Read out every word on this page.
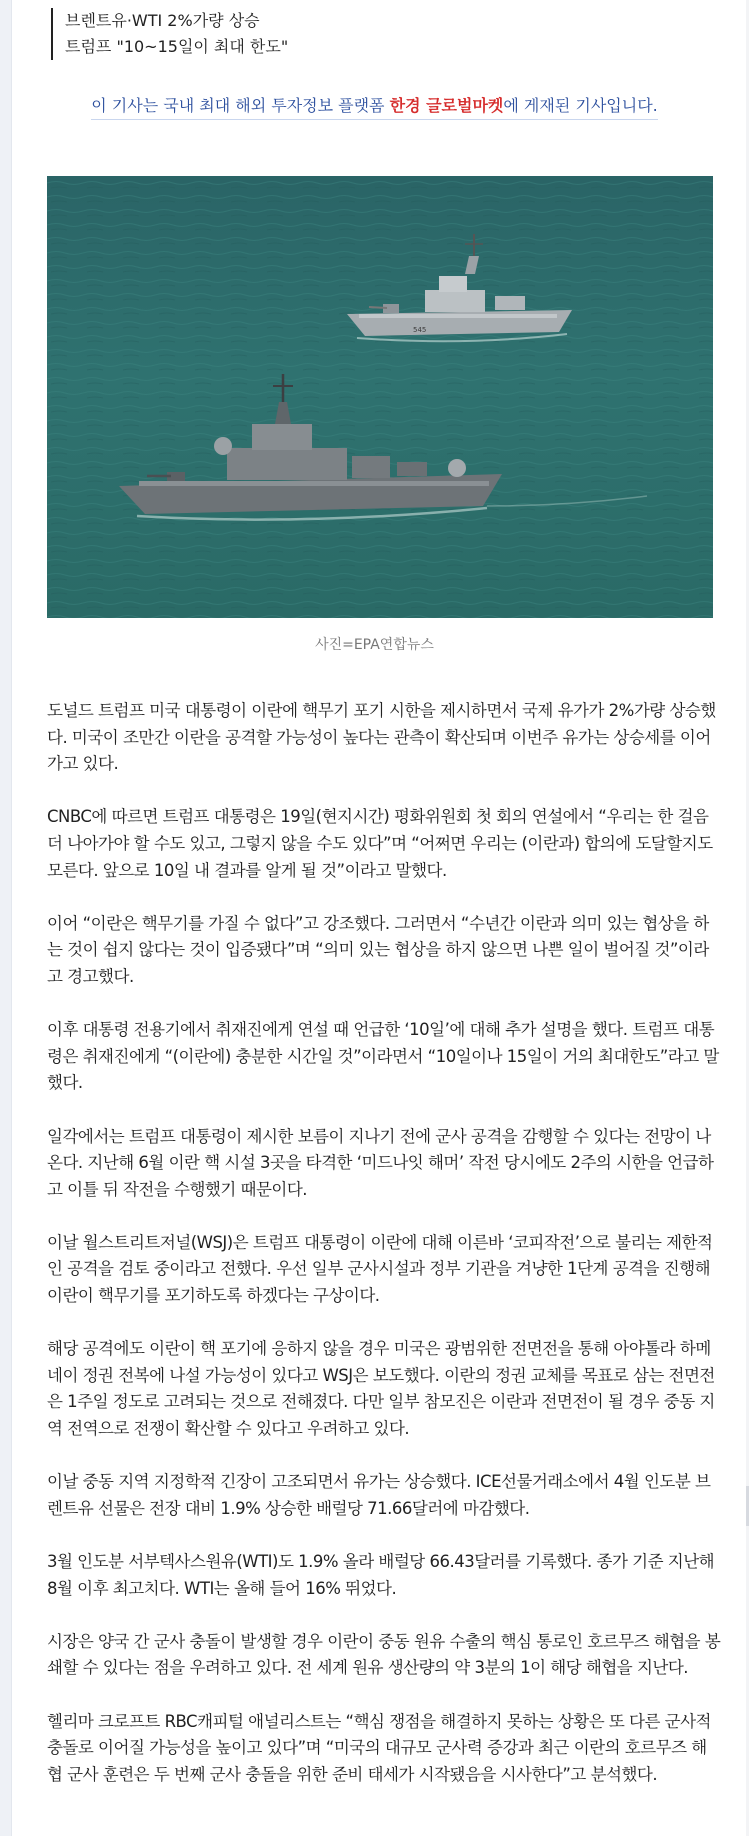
브렌트유·WTI 2%가량 상승
트럼프 "10~15일이 최대 한도"
이 기사는 국내 최대 해외 투자정보 플랫폼 한경 글로벌마켓에 게재된 기사입니다.
545
사진=EPA연합뉴스

도널드 트럼프 미국 대통령이 이란에 핵무기 포기 시한을 제시하면서 국제 유가가 2%가량 상승했
다. 미국이 조만간 이란을 공격할 가능성이 높다는 관측이 확산되며 이번주 유가는 상승세를 이어
가고 있다.

CNBC에 따르면 트럼프 대통령은 19일(현지시간) 평화위원회 첫 회의 연설에서 “우리는 한 걸음
더 나아가야 할 수도 있고, 그렇지 않을 수도 있다”며 “어쩌면 우리는 (이란과) 합의에 도달할지도
모른다. 앞으로 10일 내 결과를 알게 될 것”이라고 말했다.

이어 “이란은 핵무기를 가질 수 없다”고 강조했다. 그러면서 “수년간 이란과 의미 있는 협상을 하
는 것이 쉽지 않다는 것이 입증됐다”며 “의미 있는 협상을 하지 않으면 나쁜 일이 벌어질 것”이라
고 경고했다.

이후 대통령 전용기에서 취재진에게 연설 때 언급한 ‘10일’에 대해 추가 설명을 했다. 트럼프 대통
령은 취재진에게 “(이란에) 충분한 시간일 것”이라면서 “10일이나 15일이 거의 최대한도”라고 말
했다.

일각에서는 트럼프 대통령이 제시한 보름이 지나기 전에 군사 공격을 감행할 수 있다는 전망이 나
온다. 지난해 6월 이란 핵 시설 3곳을 타격한 ‘미드나잇 해머’ 작전 당시에도 2주의 시한을 언급하
고 이틀 뒤 작전을 수행했기 때문이다.

이날 월스트리트저널(WSJ)은 트럼프 대통령이 이란에 대해 이른바 ‘코피작전’으로 불리는 제한적
인 공격을 검토 중이라고 전했다. 우선 일부 군사시설과 정부 기관을 겨냥한 1단계 공격을 진행해
이란이 핵무기를 포기하도록 하겠다는 구상이다.

해당 공격에도 이란이 핵 포기에 응하지 않을 경우 미국은 광범위한 전면전을 통해 아야톨라 하메
네이 정권 전복에 나설 가능성이 있다고 WSJ은 보도했다. 이란의 정권 교체를 목표로 삼는 전면전
은 1주일 정도로 고려되는 것으로 전해졌다. 다만 일부 참모진은 이란과 전면전이 될 경우 중동 지
역 전역으로 전쟁이 확산할 수 있다고 우려하고 있다.

이날 중동 지역 지정학적 긴장이 고조되면서 유가는 상승했다. ICE선물거래소에서 4월 인도분 브
렌트유 선물은 전장 대비 1.9% 상승한 배럴당 71.66달러에 마감했다.

3월 인도분 서부텍사스원유(WTI)도 1.9% 올라 배럴당 66.43달러를 기록했다. 종가 기준 지난해
8월 이후 최고치다. WTI는 올해 들어 16% 뛰었다.

시장은 양국 간 군사 충돌이 발생할 경우 이란이 중동 원유 수출의 핵심 통로인 호르무즈 해협을 봉
쇄할 수 있다는 점을 우려하고 있다. 전 세계 원유 생산량의 약 3분의 1이 해당 해협을 지난다.

헬리마 크로프트 RBC캐피털 애널리스트는 “핵심 쟁점을 해결하지 못하는 상황은 또 다른 군사적
충돌로 이어질 가능성을 높이고 있다”며 “미국의 대규모 군사력 증강과 최근 이란의 호르무즈 해
협 군사 훈련은 두 번째 군사 충돌을 위한 준비 태세가 시작됐음을 시사한다”고 분석했다.
